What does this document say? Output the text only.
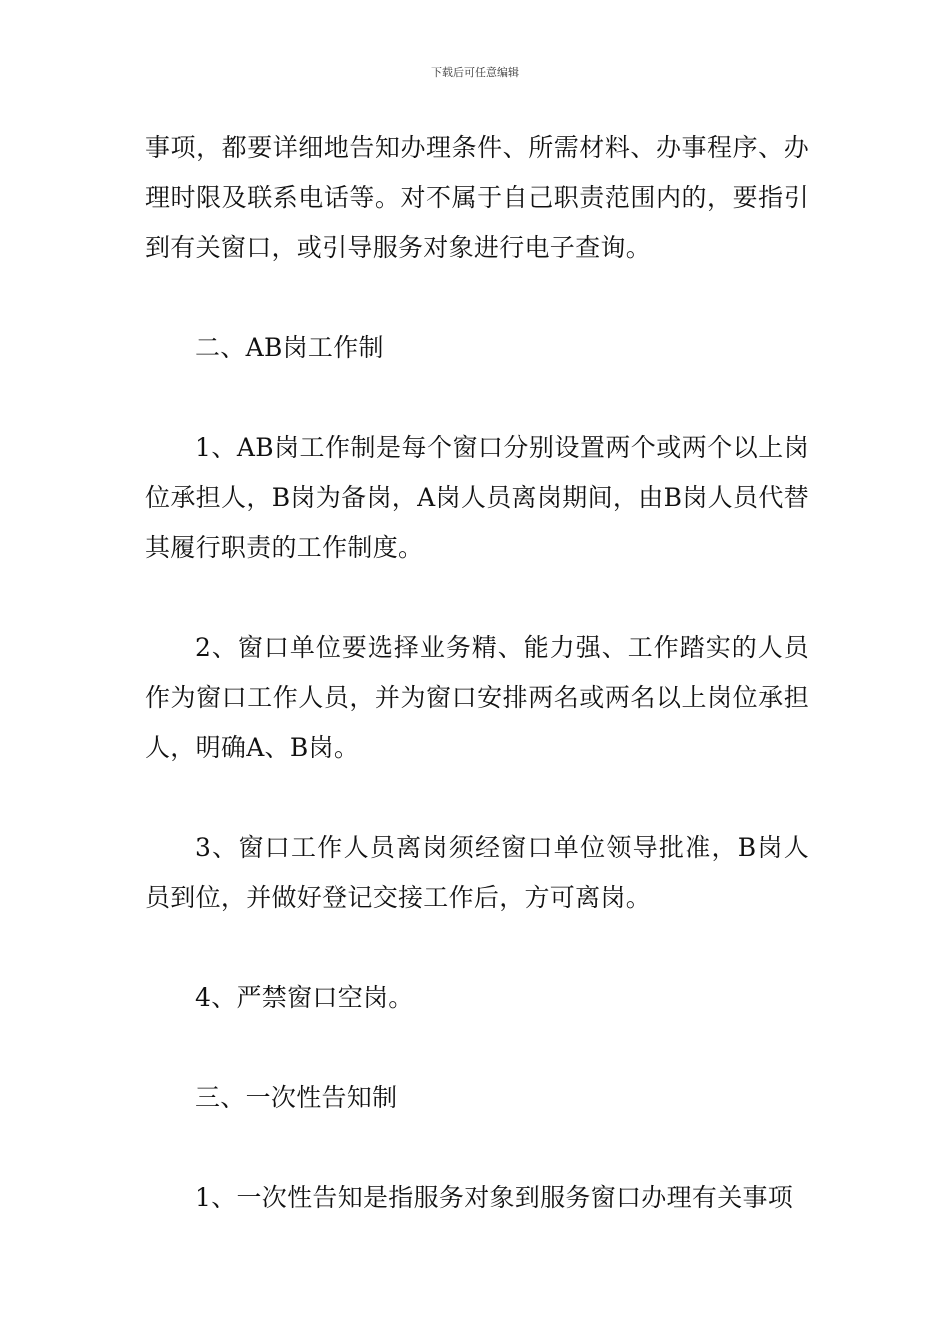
下载后可任意编辑

事项，都要详细地告知办理条件、所需材料、办事程序、办理时限及联系电话等。对不属于自己职责范围内的，要指引到有关窗口，或引导服务对象进行电子查询。

二、AB岗工作制

1、AB岗工作制是每个窗口分别设置两个或两个以上岗位承担人，B岗为备岗，A岗人员离岗期间，由B岗人员代替其履行职责的工作制度。

2、窗口单位要选择业务精、能力强、工作踏实的人员作为窗口工作人员，并为窗口安排两名或两名以上岗位承担人，明确A、B岗。

3、窗口工作人员离岗须经窗口单位领导批准，B岗人员到位，并做好登记交接工作后，方可离岗。

4、严禁窗口空岗。

三、一次性告知制

1、一次性告知是指服务对象到服务窗口办理有关事项
